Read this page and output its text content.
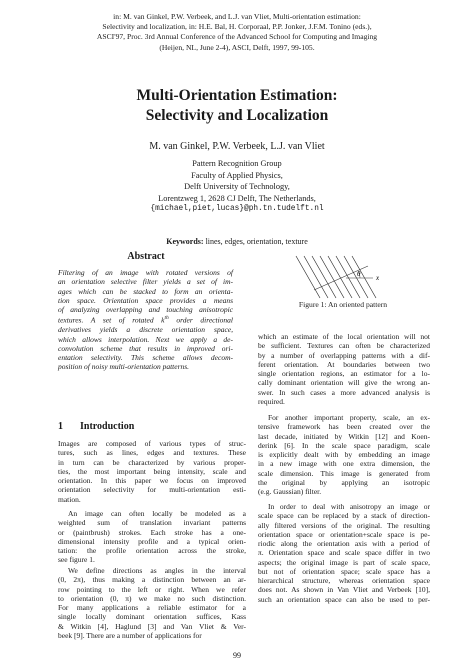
in: M. van Ginkel, P.W. Verbeek, and L.J. van Vliet, Multi-orientation estimation:
Selectivity and localization, in: H.E. Bal, H. Corporaal, P.P. Jonker, J.F.M. Tonino (eds.),
ASCI'97, Proc. 3rd Annual Conference of the Advanced School for Computing and Imaging
(Heijen, NL, June 2-4), ASCI, Delft, 1997, 99-105.
Multi-Orientation Estimation:
Selectivity and Localization
M. van Ginkel, P.W. Verbeek, L.J. van Vliet
Pattern Recognition Group
Faculty of Applied Physics,
Delft University of Technology,
Lorentzweg 1, 2628 CJ Delft, The Netherlands,
{michael,piet,lucas}@ph.tn.tudelft.nl
Keywords: lines, edges, orientation, texture
Abstract
Filtering of an image with rotated versions of
an orientation selective filter yields a set of im-
ages which can be stacked to form an orienta-
tion space. Orientation space provides a means
of analyzing overlapping and touching anisotropic
textures. A set of rotated $k^{th}$ order directional
derivatives yields a discrete orientation space,
which allows interpolation. Next we apply a de-
convolution scheme that results in improved ori-
entation selectivity. This scheme allows decom-
position of noisy multi-orientation patterns.
1 Introduction
Images are composed of various types of struc-
tures, such as lines, edges and textures. These
in turn can be characterized by various proper-
ties, the most important being intensity, scale and
orientation. In this paper we focus on improved
orientation selectivity for multi-orientation esti-
mation.
An image can often locally be modeled as a
weighted sum of translation invariant patterns
or (paintbrush) strokes. Each stroke has a one-
dimensional intensity profile and a typical orien-
tation: the profile orientation across the stroke,
see figure 1.
We define directions as angles in the interval
(0, 2π), thus making a distinction between an ar-
row pointing to the left or right. When we refer
to orientation (0, π) we make no such distinction.
For many applications a reliable estimator for a
single locally dominant orientation suffices, Kass
& Witkin [4], Haglund [3] and Van Vliet & Ver-
beek [9]. There are a number of applications for
θ x
Figure 1: An oriented pattern
which an estimate of the local orientation will not
be sufficient. Textures can often be characterized
by a number of overlapping patterns with a dif-
ferent orientation. At boundaries between two
single orientation regions, an estimator for a lo-
cally dominant orientation will give the wrong an-
swer. In such cases a more advanced analysis is
required.
For another important property, scale, an ex-
tensive framework has been created over the
last decade, initiated by Witkin [12] and Koen-
derink [6]. In the scale space paradigm, scale
is explicitly dealt with by embedding an image
in a new image with one extra dimension, the
scale dimension. This image is generated from
the original by applying an isotropic
(e.g. Gaussian) filter.
In order to deal with anisotropy an image or
scale space can be replaced by a stack of direction-
ally filtered versions of the original. The resulting
orientation space or orientation+scale space is pe-
riodic along the orientation axis with a period of
π. Orientation space and scale space differ in two
aspects; the original image is part of scale space,
but not of orientation space; scale space has a
hierarchical structure, whereas orientation space
does not. As shown in Van Vliet and Verbeek [10],
such an orientation space can also be used to per-
99
